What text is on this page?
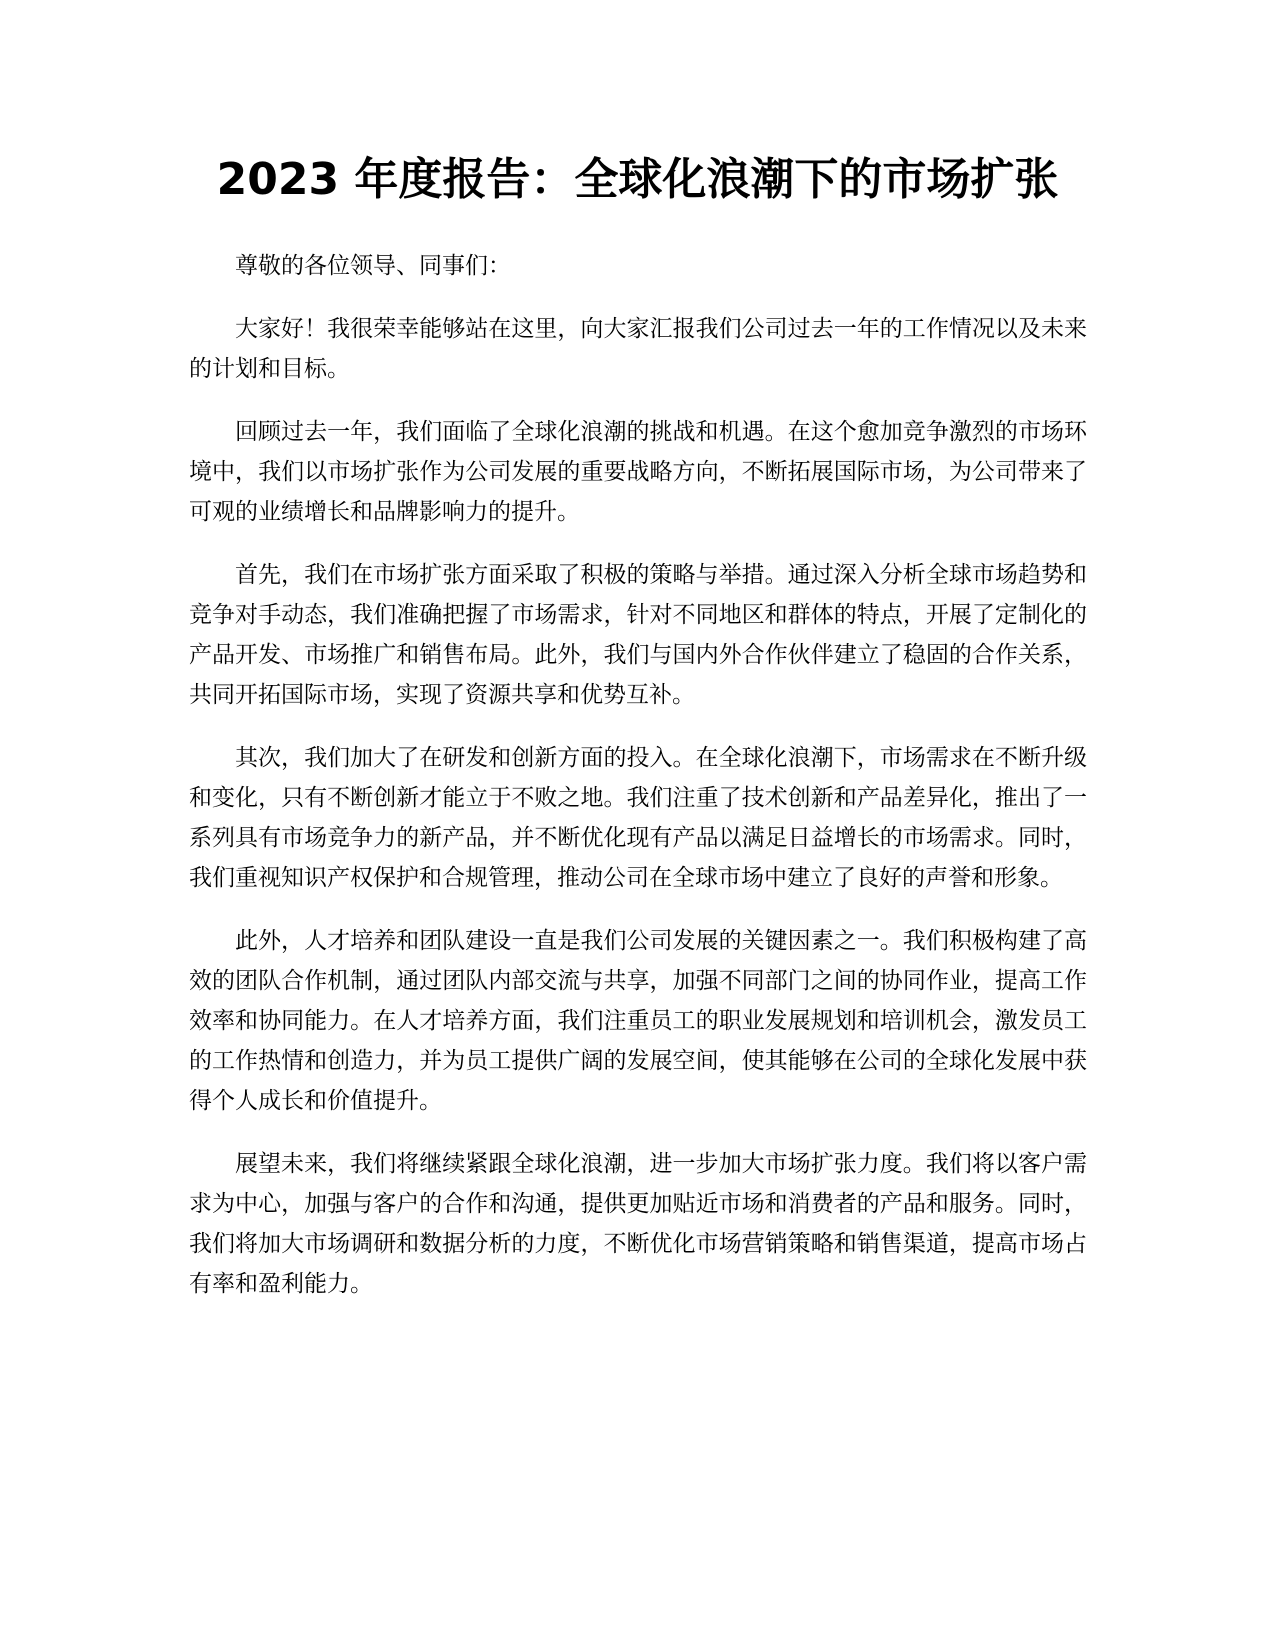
2023 年度报告：全球化浪潮下的市场扩张

尊敬的各位领导、同事们：

大家好！我很荣幸能够站在这里，向大家汇报我们公司过去一年的工作情况以及未来的计划和目标。

回顾过去一年，我们面临了全球化浪潮的挑战和机遇。在这个愈加竞争激烈的市场环境中，我们以市场扩张作为公司发展的重要战略方向，不断拓展国际市场，为公司带来了可观的业绩增长和品牌影响力的提升。

首先，我们在市场扩张方面采取了积极的策略与举措。通过深入分析全球市场趋势和竞争对手动态，我们准确把握了市场需求，针对不同地区和群体的特点，开展了定制化的产品开发、市场推广和销售布局。此外，我们与国内外合作伙伴建立了稳固的合作关系，共同开拓国际市场，实现了资源共享和优势互补。

其次，我们加大了在研发和创新方面的投入。在全球化浪潮下，市场需求在不断升级和变化，只有不断创新才能立于不败之地。我们注重了技术创新和产品差异化，推出了一系列具有市场竞争力的新产品，并不断优化现有产品以满足日益增长的市场需求。同时，我们重视知识产权保护和合规管理，推动公司在全球市场中建立了良好的声誉和形象。

此外，人才培养和团队建设一直是我们公司发展的关键因素之一。我们积极构建了高效的团队合作机制，通过团队内部交流与共享，加强不同部门之间的协同作业，提高工作效率和协同能力。在人才培养方面，我们注重员工的职业发展规划和培训机会，激发员工的工作热情和创造力，并为员工提供广阔的发展空间，使其能够在公司的全球化发展中获得个人成长和价值提升。

展望未来，我们将继续紧跟全球化浪潮，进一步加大市场扩张力度。我们将以客户需求为中心，加强与客户的合作和沟通，提供更加贴近市场和消费者的产品和服务。同时，我们将加大市场调研和数据分析的力度，不断优化市场营销策略和销售渠道，提高市场占有率和盈利能力。
